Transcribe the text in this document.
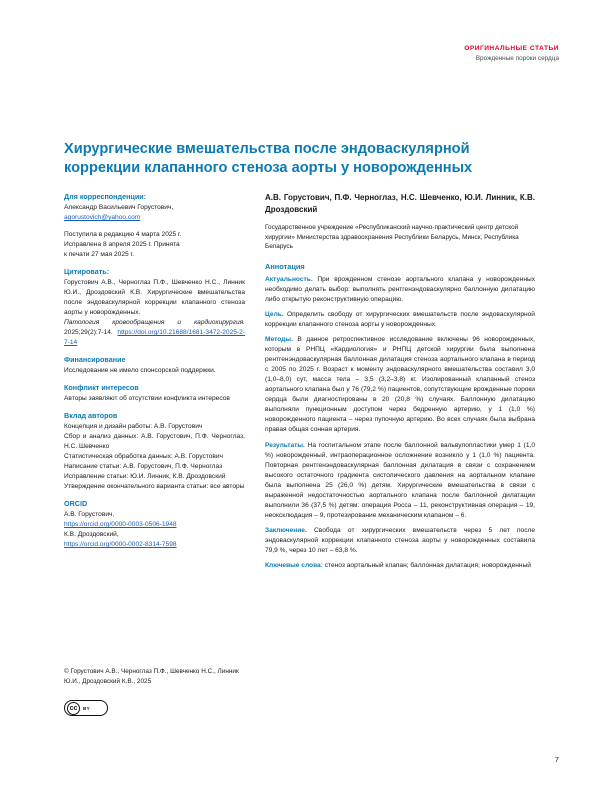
ОРИГИНАЛЬНЫЕ СТАТЬИ
Врожденные пороки сердца
Хирургические вмешательства после эндоваскулярной коррекции клапанного стеноза аорты у новорожденных

Для корреспонденции:

Александр Васильевич Горустович,

agorustovich@yahoo.com

Поступила в редакцию 4 марта 2025 г.

Исправлена 8 апреля 2025 г. Принята

к печати 27 мая 2025 г.

Цитировать:

Горустович А.В., Черноглаз П.Ф., Шевченко Н.С., Линник Ю.И., Дроздовский К.В. Хирургические вмешательства после эндоваскулярной коррекции клапанного стеноза аорты у новорожденных.

Патология кровообращения и кардиохирургия. 2025;29(2):7-14. https://doi.org/10.21688/1681-3472-2025-2-7-14

Финансирование

Исследование не имело спонсорской поддержки.

Конфликт интересов

Авторы заявляют об отсутствии конфликта интересов

Вклад авторов

Концепция и дизайн работы: А.В. Горустович

Сбор и анализ данных: А.В. Горустович, П.Ф. Черноглаз, Н.С. Шевченко

Статистическая обработка данных: А.В. Горустович

Написание статьи: А.В. Горустович, П.Ф. Черноглаз

Исправление статьи: Ю.И. Линник, К.В. Дроздовский

Утверждение окончательного варианта статьи: все авторы

ORCID

А.В. Горустович,

https://orcid.org/0000-0003-0506-1948

К.В. Дроздовский,

https://orcid.org/0000-0002-8314-7598

© Горустович А.В., Черноглаз П.Ф., Шевченко Н.С., Линник Ю.И., Дроздовский К.В., 2025
cc	BY
А.В. Горустович, П.Ф. Черноглаз, Н.С. Шевченко, Ю.И. Линник, К.В. Дроздовский
Государственное учреждение «Республиканский научно-практический центр детской хирургии» Министерства здравоохранения Республики Беларусь, Минск, Республика Беларусь
Аннотация

Актуальность. При врожденном стенозе аортального клапана у новорожденных необходимо делать выбор: выполнять рентгенэндоваскулярно баллонную дилатацию либо открытую реконструктивную операцию.

Цель. Определить свободу от хирургических вмешательств после эндоваскулярной коррекции клапанного стеноза аорты у новорожденных.

Методы. В данное ретроспективное исследование включены 96 новорожденных, которым в РНПЦ «Кардиология» и РНПЦ детской хирургии была выполнена рентгенэндоваскулярная баллонная дилатация стеноза аортального клапана в период с 2005 по 2025 г. Возраст к моменту эндоваскулярного вмешательства составил 3,0 (1,0–8,0) сут, масса тела – 3,5 (3,2–3,8) кг. Изолированный клапанный стеноз аортального клапана был у 76 (79,2 %) пациентов, сопутствующие врожденные пороки сердца были диагностированы в 20 (20,8 %) случаях. Баллонную дилатацию выполняли пункционным доступом через бедренную артерию, у 1 (1,0 %) новорожденного пациента – через пупочную артерию. Во всех случаях была выбрана правая общая сонная артерия.

Результаты. На госпитальном этапе после баллонной вальвулопластики умер 1 (1,0 %) новорожденный, интраоперационное осложнение возникло у 1 (1,0 %) пациента. Повторная рентгенэндоваскулярная баллонная дилатация в связи с сохранением высокого остаточного градиента систолического давления на аортальном клапане была выполнена 25 (26,0 %) детям. Хирургические вмешательства в связи с выраженной недостаточностью аортального клапана после баллонной дилатации выполнили 36 (37,5 %) детям: операция Росса – 11, реконструктивная операция – 19, неоксклюдация – 9, протезирование механическим клапаном – 6.

Заключение. Свобода от хирургических вмешательств через 5 лет после эндоваскулярной коррекции клапанного стеноза аорты у новорожденных составила 79,9 %, через 10 лет – 63,8 %.

Ключевые слова: стеноз аортальный клапан; баллонная дилатация; новорожденный

7
